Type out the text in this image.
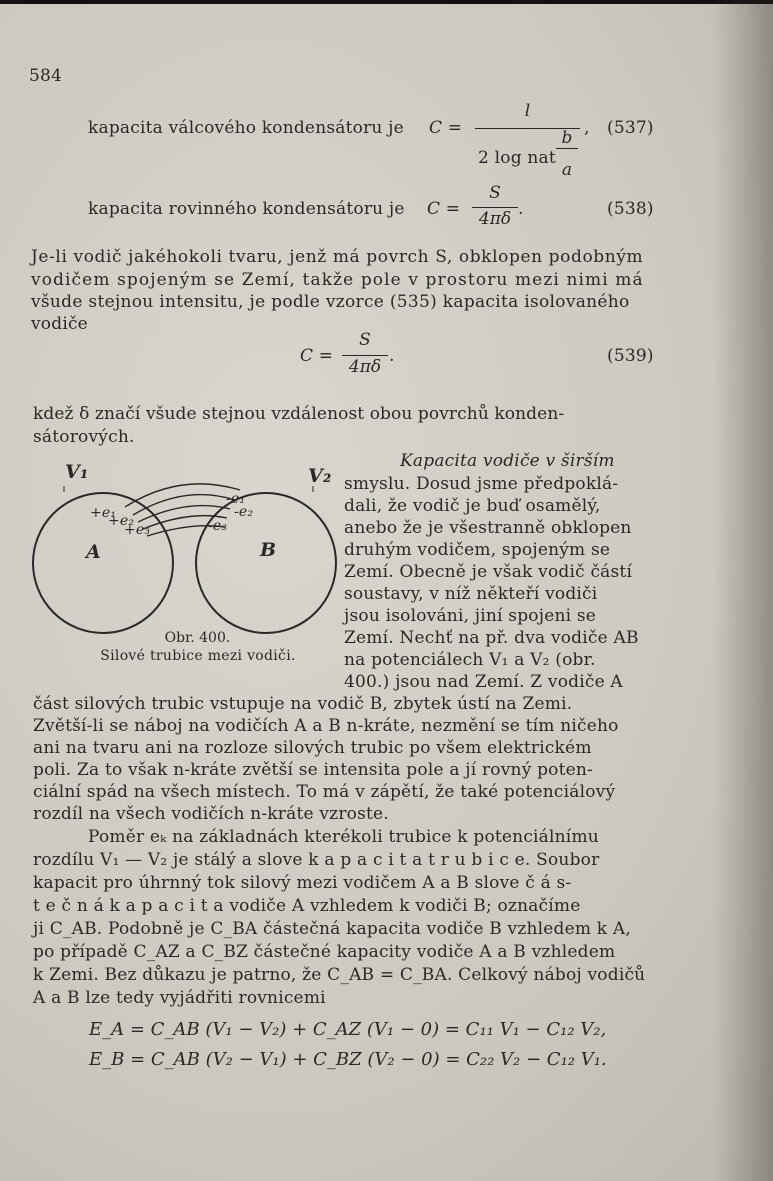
584
kapacita válcového kondensátoru je C =
l
2 log nat
b
a
, (537)
kapacita rovinného kondensátoru je C =
S
4πδ .	(538)
Je-li vodič jakéhokoli tvaru, jenž má povrch S, obklopen podobným
vodičem spojeným se Zemí, takže pole v prostoru mezi nimi má
všude stejnou intensitu, je podle vzorce (535) kapacita isolovaného
vodiče
C =
S
4πδ
.	(539)
kdež δ značí všude stejnou vzdálenost obou povrchů konden-
sátorových.
V₁	V₂
A	B
+e₁
+e₂
+e₃
-e₁
-e₂
-e₃
Obr. 400.
Silové trubice mezi vodiči.
Kapacita vodiče v širším
smyslu. Dosud jsme předpoklá-
dali, že vodič je buď osamělý,
anebo že je všestranně obklopen
druhým vodičem, spojeným se
Zemí. Obecně je však vodič částí
soustavy, v níž někteří vodiči
jsou isolováni, jiní spojeni se
Zemí. Nechť na př. dva vodiče AB
na potenciálech V₁ a V₂ (obr.
400.) jsou nad Zemí. Z vodiče A
část silových trubic vstupuje na vodič B, zbytek ústí na Zemi.
Zvětší-li se náboj na vodičích A a B n-kráte, nezmění se tím ničeho
ani na tvaru ani na rozloze silových trubic po všem elektrickém
poli. Za to však n-kráte zvětší se intensita pole a jí rovný poten-
ciální spád na všech místech. To má v zápětí, že také potenciálový
rozdíl na všech vodičích n-kráte vzroste.
Poměr eₖ na základnách kterékoli trubice k potenciálnímu
rozdílu V₁ — V₂ je stálý a slove k a p a c i t a t r u b i c e. Soubor
kapacit pro úhrnný tok silový mezi vodičem A a B slove č á s-
t e č n á k a p a c i t a vodiče A vzhledem k vodiči B; označíme
ji C_AB. Podobně je C_BA částečná kapacita vodiče B vzhledem k A,
po případě C_AZ a C_BZ částečné kapacity vodiče A a B vzhledem
k Zemi. Bez důkazu je patrno, že C_AB = C_BA. Celkový náboj vodičů
A a B lze tedy vyjádřiti rovnicemi
E_A = C_AB (V₁ − V₂) + C_AZ (V₁ − 0) = C₁₁ V₁ − C₁₂ V₂,
E_B = C_AB (V₂ − V₁) + C_BZ (V₂ − 0) = C₂₂ V₂ − C₁₂ V₁.
